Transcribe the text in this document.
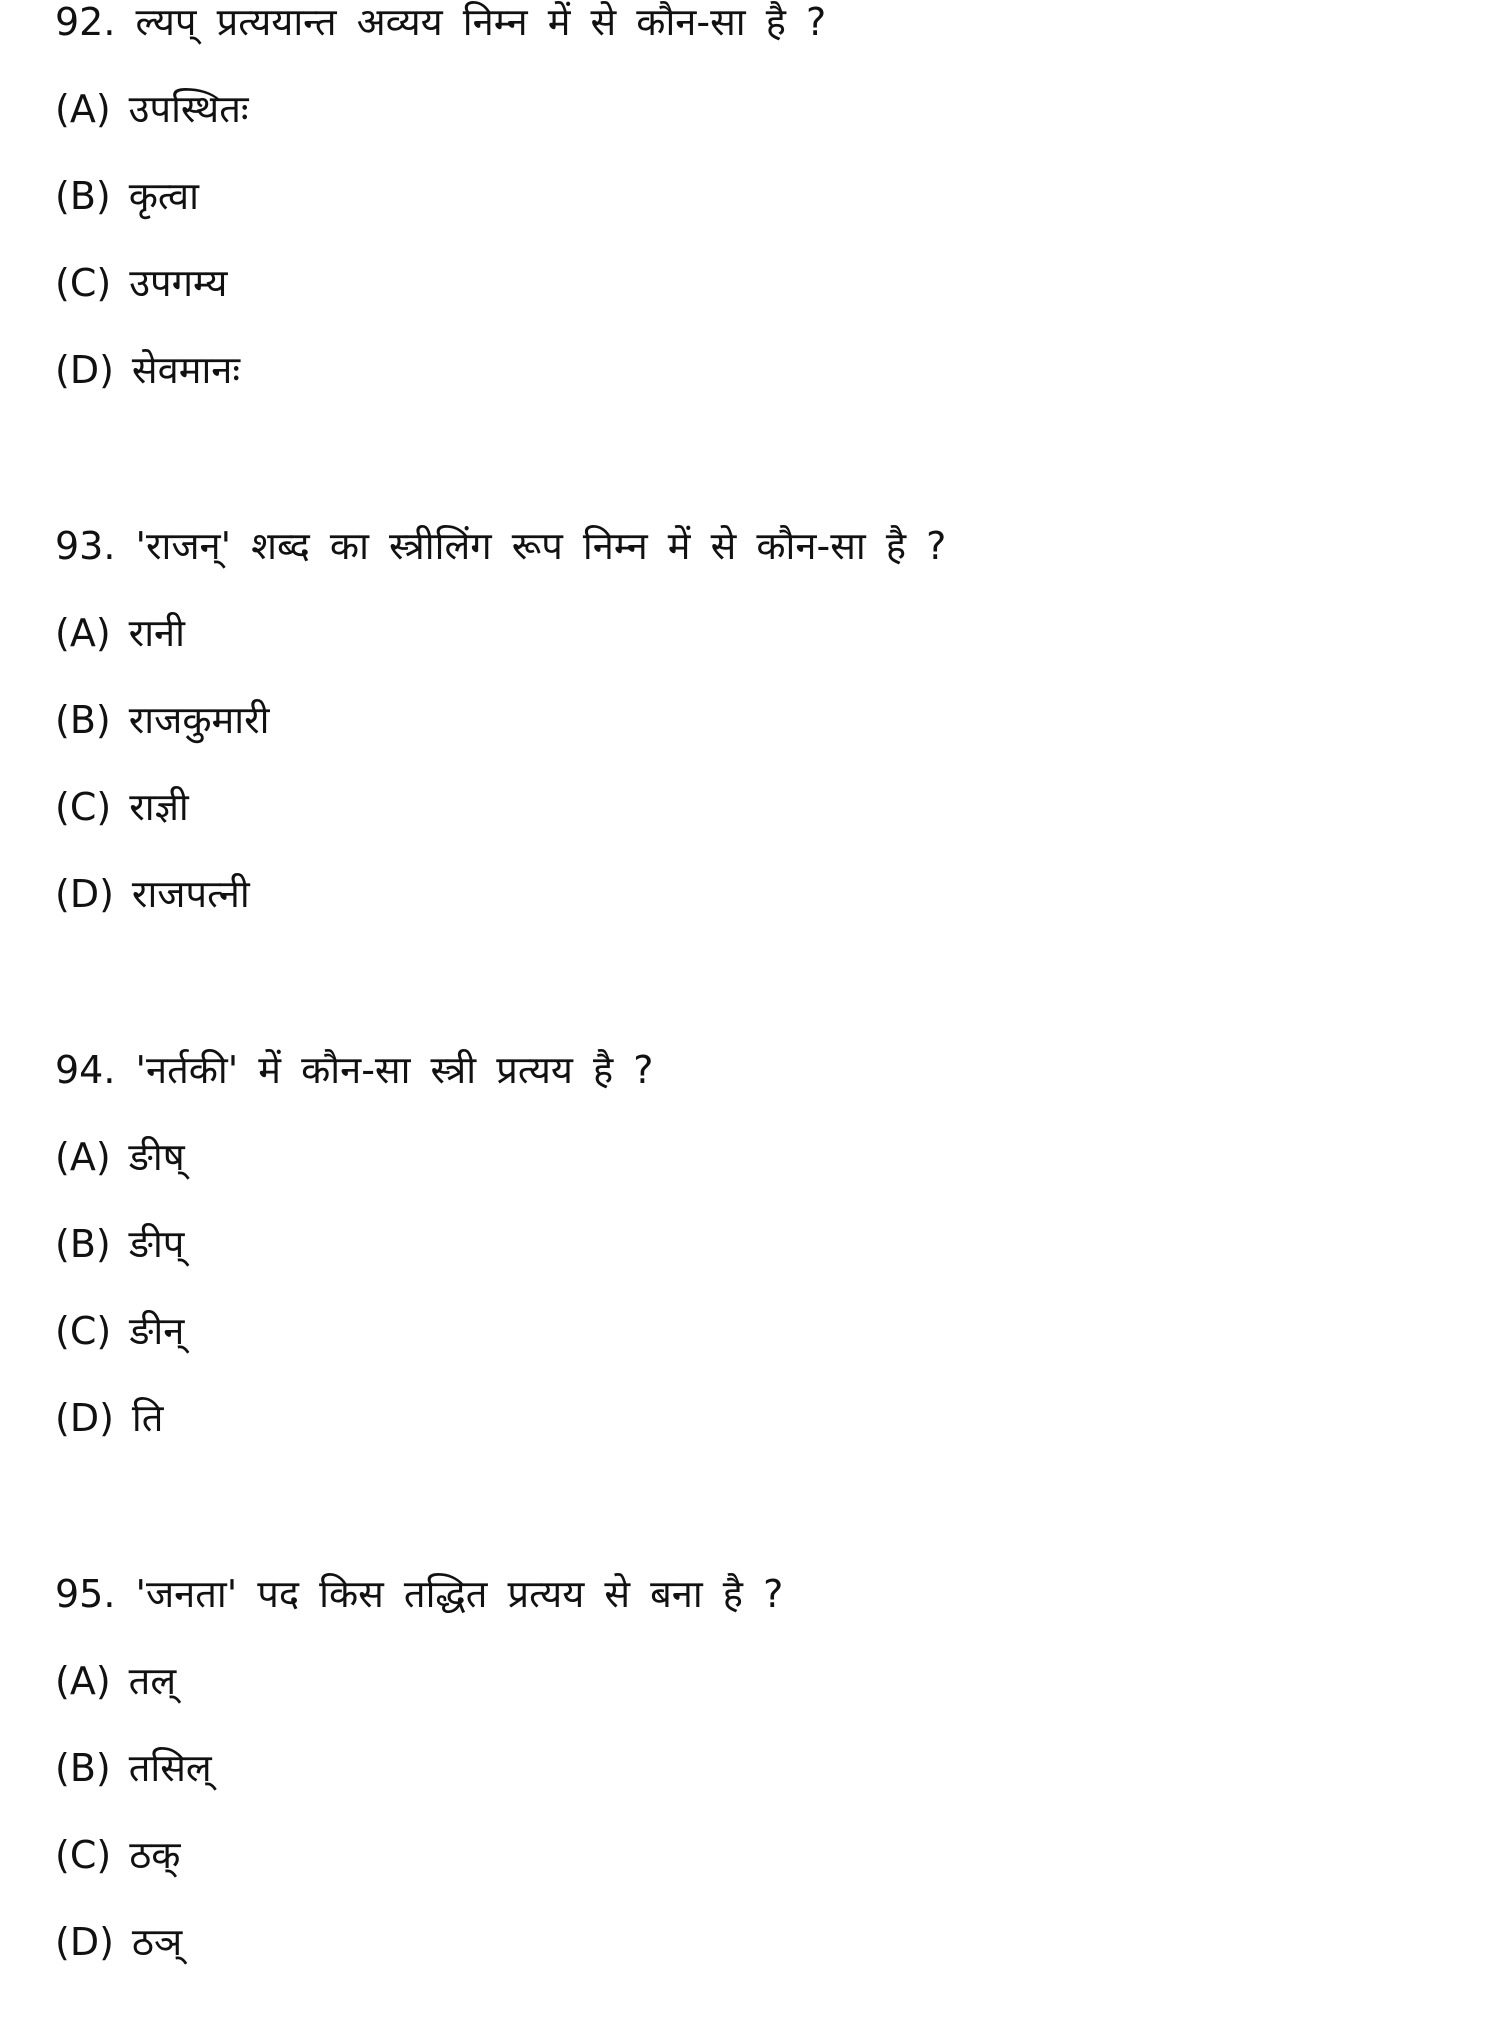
92. ल्यप् प्रत्ययान्त अव्यय निम्न में से कौन-सा है ?
(A) उपस्थितः
(B) कृत्वा
(C) उपगम्य
(D) सेवमानः
93. 'राजन्' शब्द का स्त्रीलिंग रूप निम्न में से कौन-सा है ?
(A) रानी
(B) राजकुमारी
(C) राज्ञी
(D) राजपत्नी
94. 'नर्तकी' में कौन-सा स्त्री प्रत्यय है ?
(A) ङीष्
(B) ङीप्
(C) ङीन्
(D) ति
95. 'जनता' पद किस तद्धित प्रत्यय से बना है ?
(A) तल्
(B) तसिल्
(C) ठक्
(D) ठञ्
